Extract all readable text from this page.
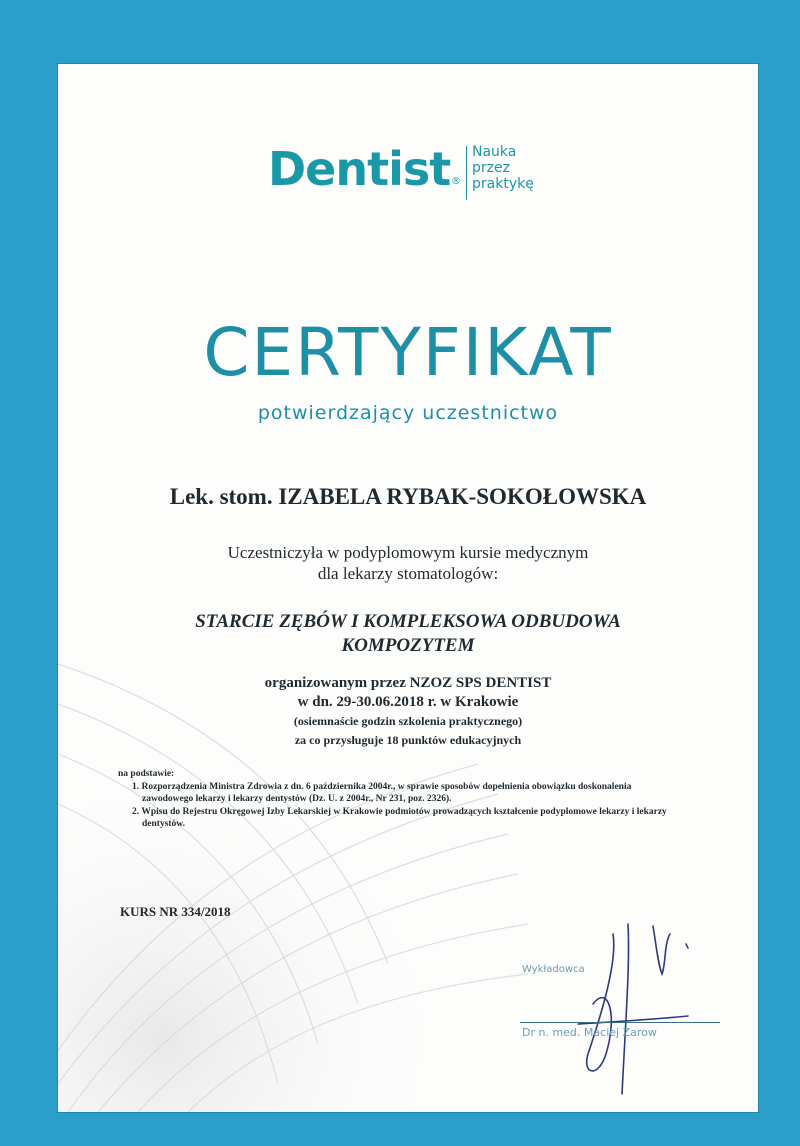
Dentist ®
Nauka
przez
praktykę
CERTYFIKAT
potwierdzający uczestnictwo
Lek. stom. IZABELA RYBAK-SOKOŁOWSKA
Uczestniczyła w podyplomowym kursie medycznym
dla lekarzy stomatologów:
STARCIE ZĘBÓW I KOMPLEKSOWA ODBUDOWA
KOMPOZYTEM
organizowanym przez NZOZ SPS DENTIST
w dn. 29-30.06.2018 r. w Krakowie
(osiemnaście godzin szkolenia praktycznego)
za co przysługuje 18 punktów edukacyjnych
na podstawie:
1. Rozporządzenia Ministra Zdrowia z dn. 6 października 2004r., w sprawie sposobów dopełnienia obowiązku doskonalenia zawodowego lekarzy i lekarzy dentystów (Dz. U. z 2004r., Nr 231, poz. 2326).
2. Wpisu do Rejestru Okręgowej Izby Lekarskiej w Krakowie podmiotów prowadzących kształcenie podyplomowe lekarzy i lekarzy dentystów.
KURS NR 334/2018
Wykładowca
Dr n. med. Maciej Żarow
